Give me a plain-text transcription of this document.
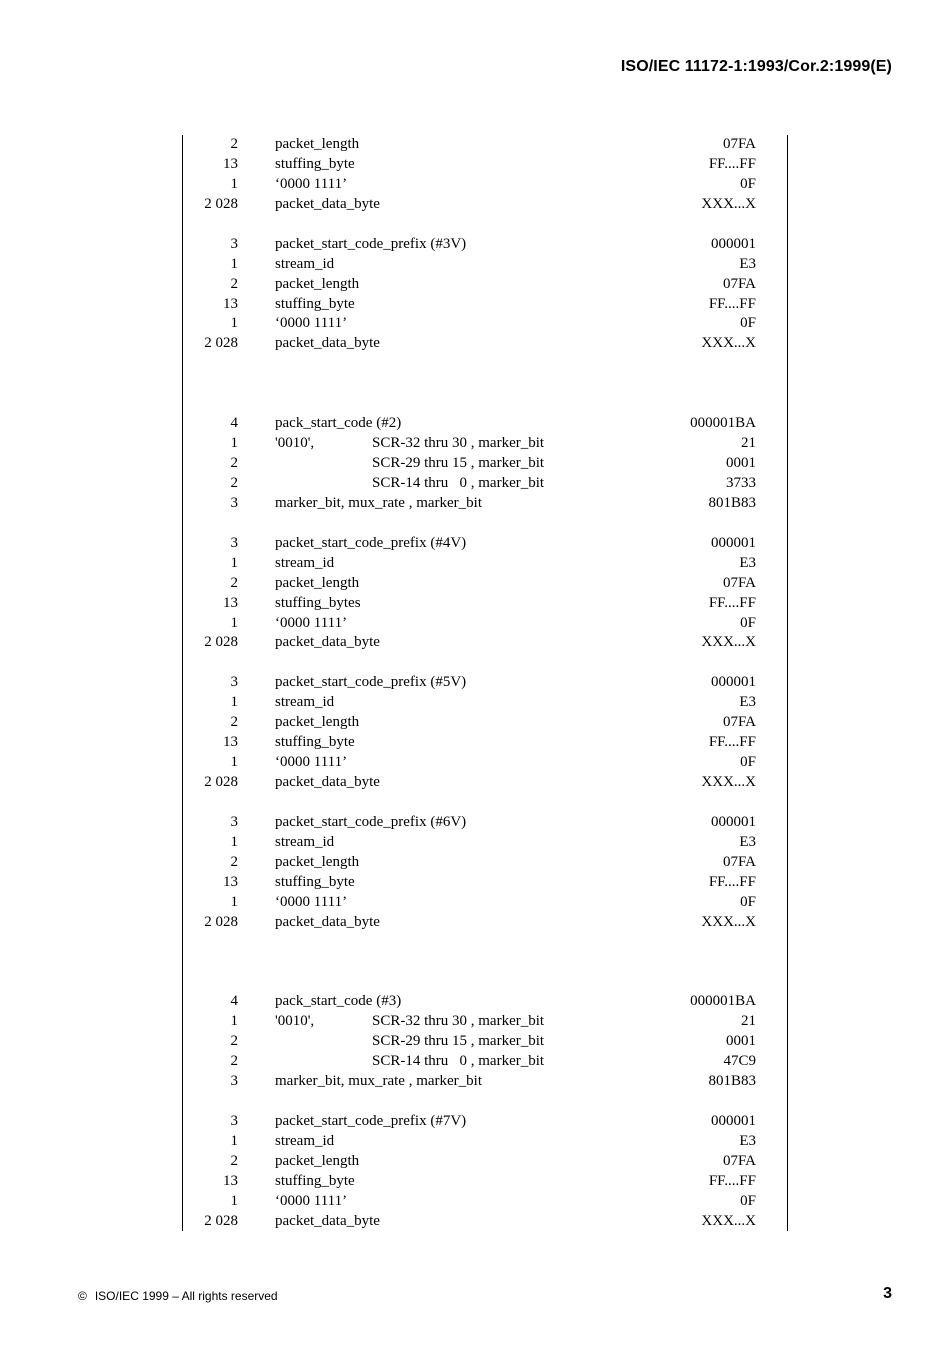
ISO/IEC 11172-1:1993/Cor.2:1999(E)
2 packet_length	07FA
13 stuffing_byte	FF....FF
1 ‘0000 1111’	0F
2 028 packet_data_byte	XXX...X
3 packet_start_code_prefix (#3V)	000001
1 stream_id	E3
2 packet_length	07FA
13 stuffing_byte	FF....FF
1 ‘0000 1111’	0F
2 028 packet_data_byte	XXX...X
4 pack_start_code (#2)	000001BA
1 '0010',	SCR-32 thru 30 , marker_bit	21
2	SCR-29 thru 15 , marker_bit	0001
2	SCR-14 thru   0 , marker_bit	3733
3 marker_bit, mux_rate , marker_bit	801B83
3 packet_start_code_prefix (#4V)	000001
1 stream_id	E3
2 packet_length	07FA
13 stuffing_bytes	FF....FF
1 ‘0000 1111’	0F
2 028 packet_data_byte	XXX...X
3 packet_start_code_prefix (#5V)	000001
1 stream_id	E3
2 packet_length	07FA
13 stuffing_byte	FF....FF
1 ‘0000 1111’	0F
2 028 packet_data_byte	XXX...X
3 packet_start_code_prefix (#6V)	000001
1 stream_id	E3
2 packet_length	07FA
13 stuffing_byte	FF....FF
1 ‘0000 1111’	0F
2 028 packet_data_byte	XXX...X
4 pack_start_code (#3)	000001BA
1 '0010',	SCR-32 thru 30 , marker_bit	21
2	SCR-29 thru 15 , marker_bit	0001
2	SCR-14 thru   0 , marker_bit	47C9
3 marker_bit, mux_rate , marker_bit	801B83
3 packet_start_code_prefix (#7V)	000001
1 stream_id	E3
2 packet_length	07FA
13 stuffing_byte	FF....FF
1 ‘0000 1111’	0F
2 028 packet_data_byte	XXX...X
© ISO/IEC 1999 – All rights reserved	3
